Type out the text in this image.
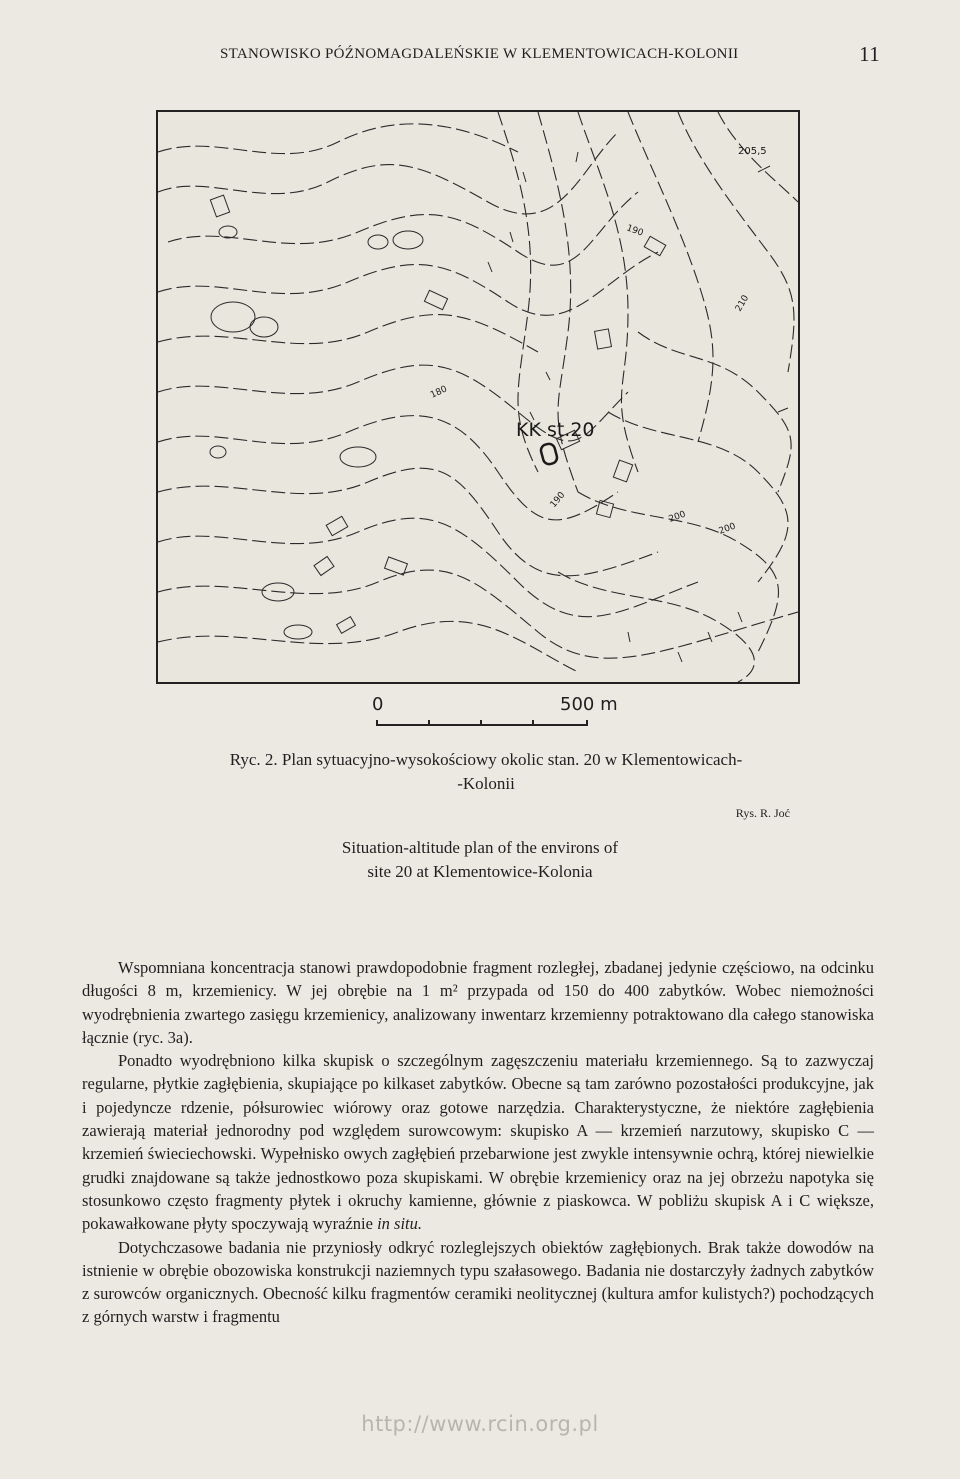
STANOWISKO PÓŹNOMAGDALEŃSKIE W KLEMENTOWICACH-KOLONII	11
KK st.20
205,5
190
180
190
200
200
210
0	500 m
Ryc. 2. Plan sytuacyjno-wysokościowy okolic stan. 20 w Klementowicach-
-Kolonii
Rys. R. Joć
Situation-altitude plan of the environs of
site 20 at Klementowice-Kolonia

Wspomniana koncentracja stanowi prawdopodobnie fragment rozległej, zbadanej jedynie częściowo, na odcinku długości 8 m, krzemienicy. W jej obrębie na 1 m² przypada od 150 do 400 zabytków. Wobec niemożności wyodrębnienia zwartego zasięgu krzemienicy, analizowany inwentarz krzemienny potraktowano dla całego stanowiska łącznie (ryc. 3a).

Ponadto wyodrębniono kilka skupisk o szczególnym zagęszczeniu materiału krzemiennego. Są to zazwyczaj regularne, płytkie zagłębienia, skupiające po kilkaset zabytków. Obecne są tam zarówno pozostałości produkcyjne, jak i pojedyncze rdzenie, półsurowiec wiórowy oraz gotowe narzędzia. Charakterystyczne, że niektóre zagłębienia zawierają materiał jednorodny pod względem surowcowym: skupisko A — krzemień narzutowy, skupisko C — krzemień świeciechowski. Wypełnisko owych zagłębień przebarwione jest zwykle intensywnie ochrą, której niewielkie grudki znajdowane są także jednostkowo poza skupiskami. W obrębie krzemienicy oraz na jej obrzeżu napotyka się stosunkowo często fragmenty płytek i okruchy kamienne, głównie z piaskowca. W pobliżu skupisk A i C większe, pokawałkowane płyty spoczywają wyraźnie in situ.

Dotychczasowe badania nie przyniosły odkryć rozleglejszych obiektów zagłębionych. Brak także dowodów na istnienie w obrębie obozowiska konstrukcji naziemnych typu szałasowego. Badania nie dostarczyły żadnych zabytków z surowców organicznych. Obecność kilku fragmentów ceramiki neolitycznej (kultura amfor kulistych?) pochodzących z górnych warstw i fragmentu

http://www.rcin.org.pl
